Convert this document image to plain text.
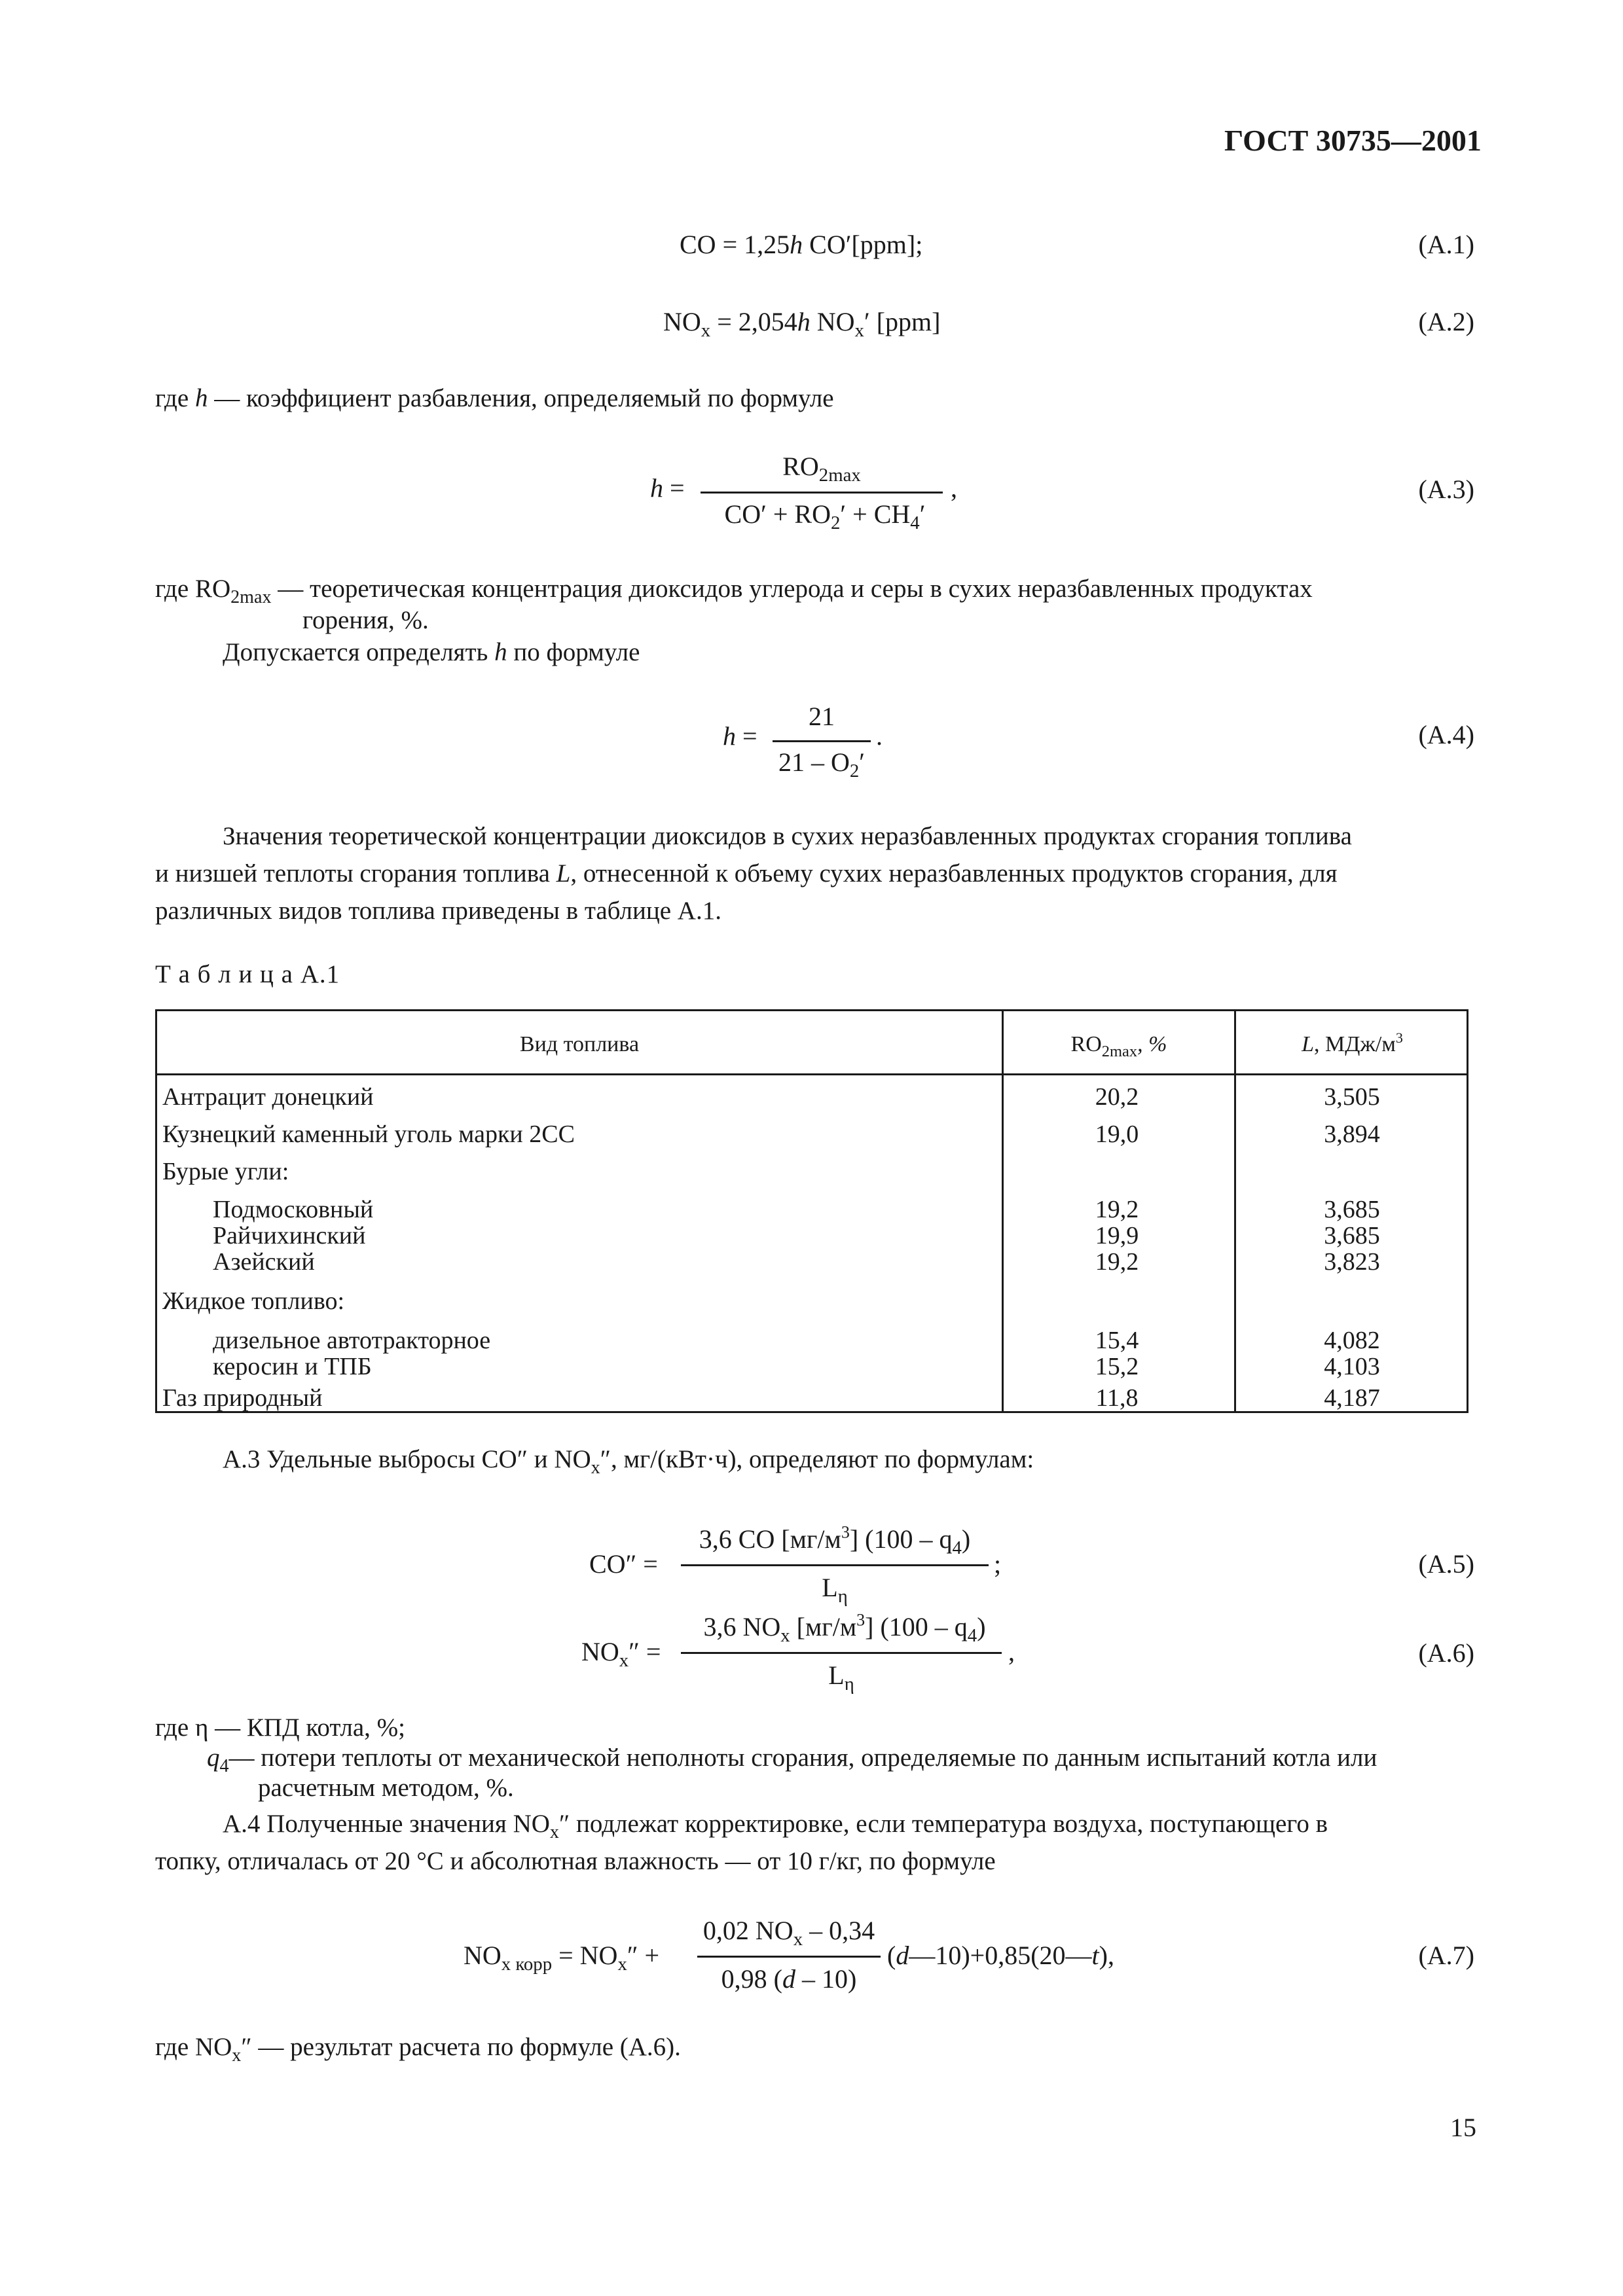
ГОСТ 30735—2001
CO = 1,25h CO′[ppm];	(A.1)
$NO_x = 2,054h$ $NO_x'$ [ppm]	(A.2)
где h — коэффициент разбавления, определяемый по формуле
h =
$RO_{2max}$
$CO' + RO_2' + CH_4'$
,	(A.3)
где $RO_{2max}$ — теоретическая концентрация диоксидов углерода и серы в сухих неразбавленных продуктах
горения, %.
Допускается определять h по формуле
h =
21
$21 - O_2'$
.	(A.4)
Значения теоретической концентрации диоксидов в сухих неразбавленных продуктах сгорания топлива
и низшей теплоты сгорания топлива L, отнесенной к объему сухих неразбавленных продуктов сгорания, для
различных видов топлива приведены в таблице А.1.
Т а б л и ц а А.1
Вид топлива	$RO_{2max}$, %	L, МДж/$м^3$
Антрацит донецкий	20,2	3,505
Кузнецкий каменный уголь марки 2СС	19,0	3,894
Бурые угли:
Подмосковный	19,2	3,685
Райчихинский	19,9	3,685
Азейский	19,2	3,823
Жидкое топливо:
дизельное автотракторное	15,4	4,082
керосин и ТПБ	15,2	4,103
Газ природный	11,8	4,187
А.3 Удельные выбросы СО″ и $NO_x''$, мг/(кВт·ч), определяют по формулам:
CO″ =
3,6 CO $[мг/м^3]$ $(100 - q_4)$
$L_\eta$
;	(A.5)
$NO_x''$ =
3,6 $NO_x$ $[мг/м^3]$ $(100 - q_4)$
$L_\eta$
,	(A.6)
где η — КПД котла, %;
$q_4—$ потери теплоты от механической неполноты сгорания, определяемые по данным испытаний котла или
расчетным методом, %.
А.4 Полученные значения $NO_x''$ подлежат корректировке, если температура воздуха, поступающего в
топку, отличалась от 20 °С и абсолютная влажность — от 10 г/кг, по формуле
$NO_{x корр} = NO_x''$ +
0,02 $NO_x - 0,34$
0,98 (d – 10)
(d—10)+0,85(20—t),	(A.7)
где $NO_x''$ — результат расчета по формуле (А.6).
15
